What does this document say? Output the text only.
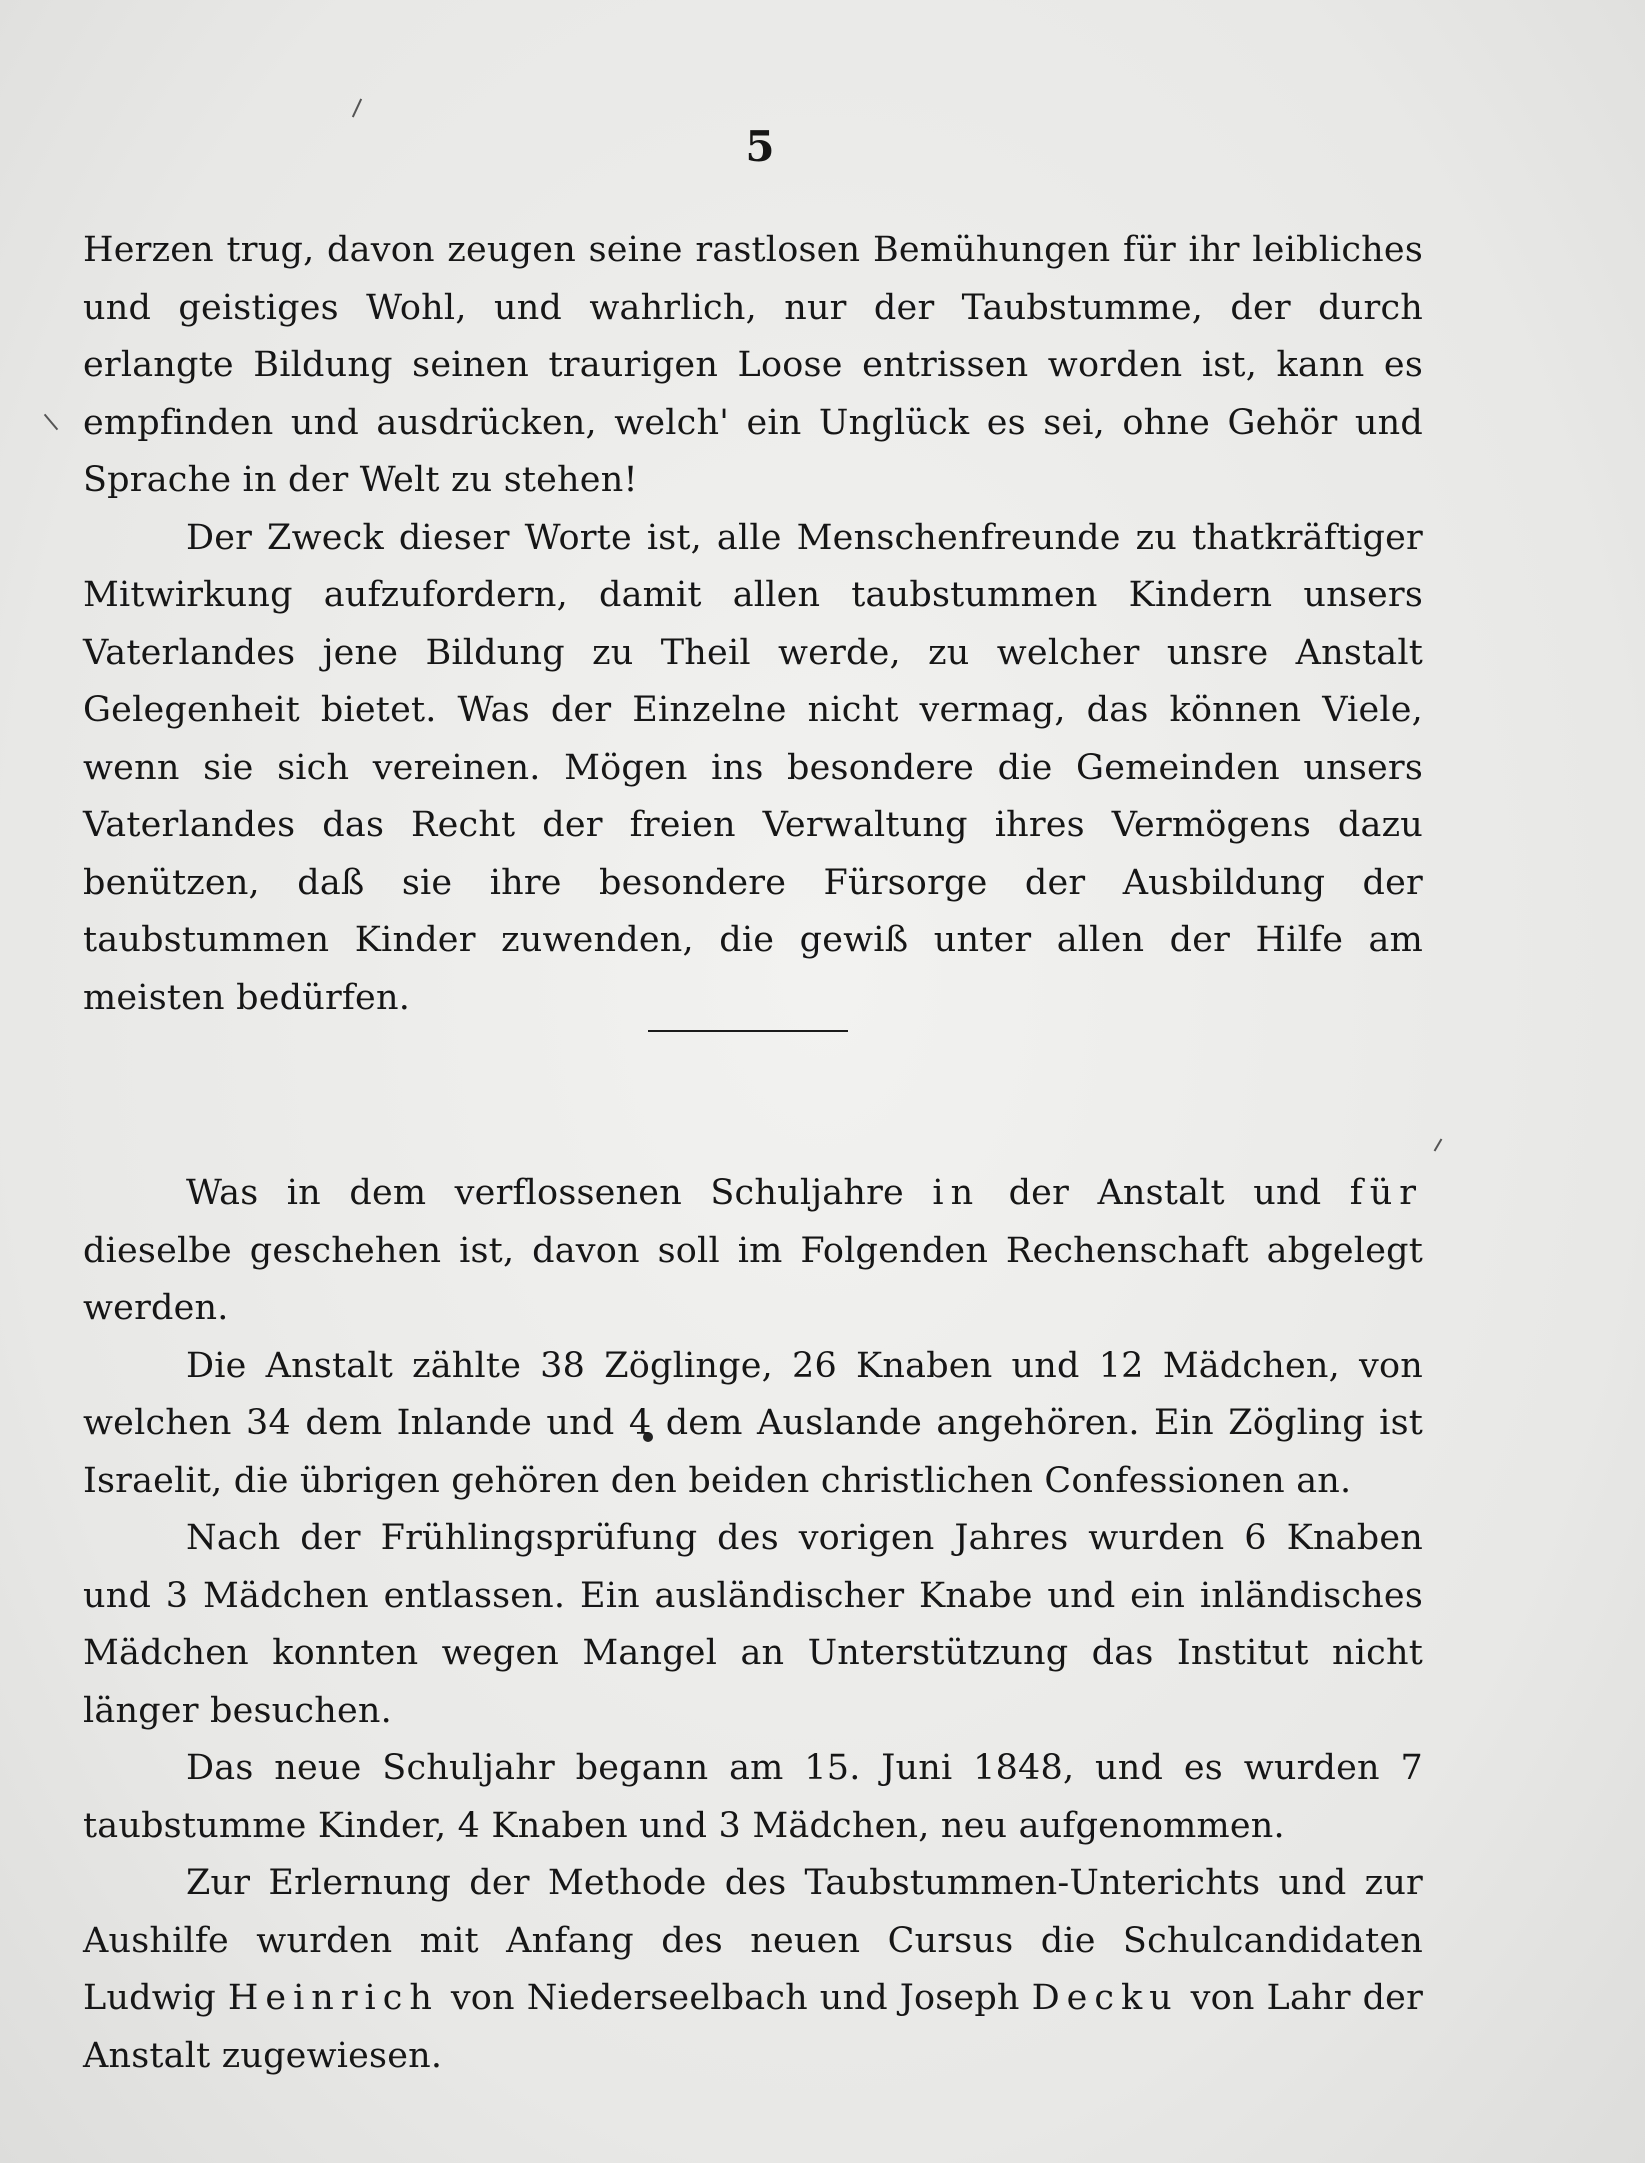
5

Herzen trug, davon zeugen seine rastlosen Bemühungen für ihr leibliches und geistiges Wohl, und wahrlich, nur der Taubstumme, der durch erlangte Bildung seinen traurigen Loose entrissen worden ist, kann es empfinden und ausdrücken, welch' ein Unglück es sei, ohne Gehör und Sprache in der Welt zu stehen!

Der Zweck dieser Worte ist, alle Menschenfreunde zu thatkräftiger Mitwirkung aufzufordern, damit allen taubstummen Kindern unsers Vaterlandes jene Bildung zu Theil werde, zu welcher unsre Anstalt Gelegenheit bietet. Was der Einzelne nicht vermag, das können Viele, wenn sie sich vereinen. Mögen ins besondere die Gemeinden unsers Vaterlandes das Recht der freien Verwaltung ihres Vermögens dazu benützen, daß sie ihre besondere Fürsorge der Ausbildung der taubstummen Kinder zuwenden, die gewiß unter allen der Hilfe am meisten bedürfen.

Was in dem verflossenen Schuljahre in der Anstalt und für dieselbe geschehen ist, davon soll im Folgenden Rechenschaft abgelegt werden.

Die Anstalt zählte 38 Zöglinge, 26 Knaben und 12 Mädchen, von welchen 34 dem Inlande und 4 dem Auslande angehören. Ein Zögling ist Israelit, die übrigen gehören den beiden christlichen Confessionen an.

Nach der Frühlingsprüfung des vorigen Jahres wurden 6 Knaben und 3 Mädchen entlassen. Ein ausländischer Knabe und ein inländisches Mädchen konnten wegen Mangel an Unterstützung das Institut nicht länger besuchen.

Das neue Schuljahr begann am 15. Juni 1848, und es wurden 7 taubstumme Kinder, 4 Knaben und 3 Mädchen, neu aufgenommen.

Zur Erlernung der Methode des Taubstummen-Unterichts und zur Aushilfe wurden mit Anfang des neuen Cursus die Schulcandidaten Ludwig Heinrich von Niederseelbach und Joseph Decku von Lahr der Anstalt zugewiesen.
